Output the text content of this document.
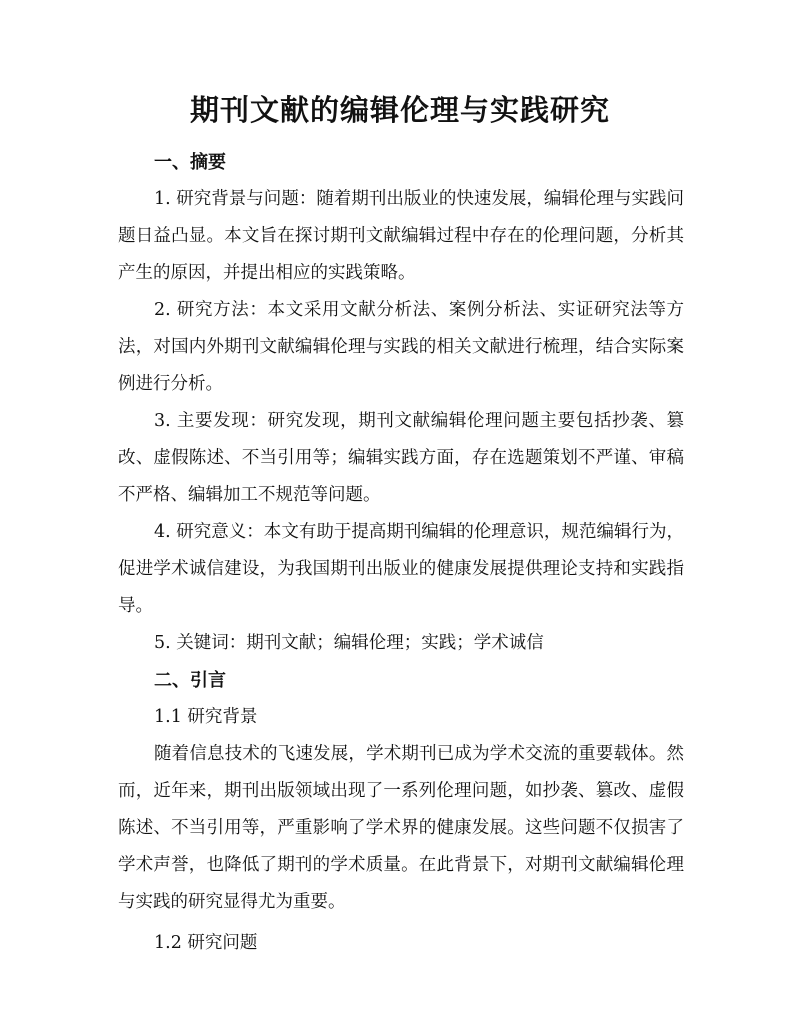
期刊文献的编辑伦理与实践研究

一、摘要

1. 研究背景与问题：随着期刊出版业的快速发展，编辑伦理与实践问题日益凸显。本文旨在探讨期刊文献编辑过程中存在的伦理问题，分析其产生的原因，并提出相应的实践策略。

2. 研究方法：本文采用文献分析法、案例分析法、实证研究法等方法，对国内外期刊文献编辑伦理与实践的相关文献进行梳理，结合实际案例进行分析。

3. 主要发现：研究发现，期刊文献编辑伦理问题主要包括抄袭、篡改、虚假陈述、不当引用等；编辑实践方面，存在选题策划不严谨、审稿不严格、编辑加工不规范等问题。

4. 研究意义：本文有助于提高期刊编辑的伦理意识，规范编辑行为，促进学术诚信建设，为我国期刊出版业的健康发展提供理论支持和实践指导。

5. 关键词：期刊文献；编辑伦理；实践；学术诚信

二、引言

1.1 研究背景

随着信息技术的飞速发展，学术期刊已成为学术交流的重要载体。然而，近年来，期刊出版领域出现了一系列伦理问题，如抄袭、篡改、虚假陈述、不当引用等，严重影响了学术界的健康发展。这些问题不仅损害了学术声誉，也降低了期刊的学术质量。在此背景下，对期刊文献编辑伦理与实践的研究显得尤为重要。

1.2 研究问题
